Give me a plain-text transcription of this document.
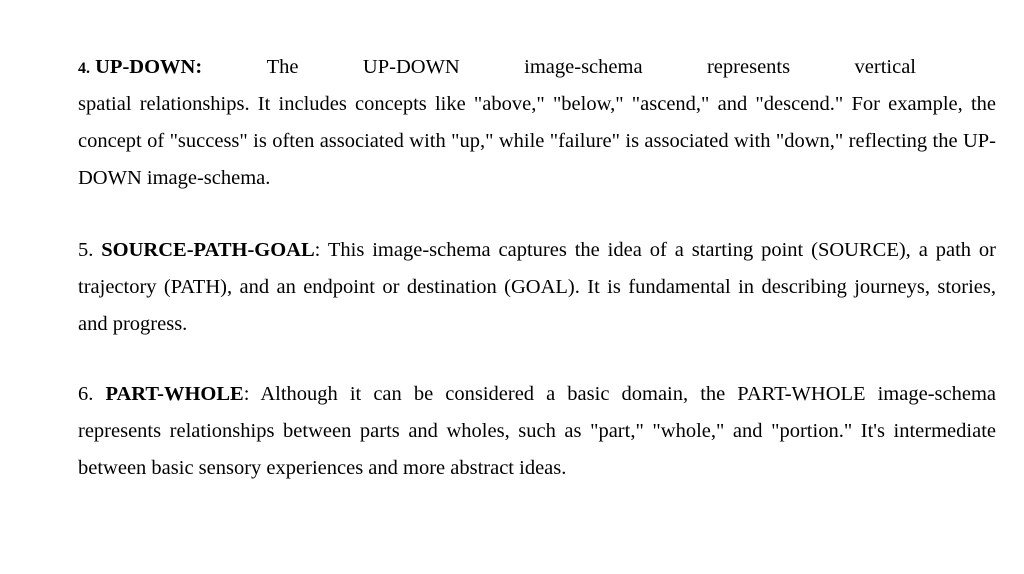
4. UP-DOWN:	The	UP-DOWN	image-schema	represents	vertical
spatial relationships. It includes concepts like "above," "below," "ascend," and "descend." For example, the concept of "success" is often associated with "up," while "failure" is associated with "down," reflecting the UP-DOWN image-schema.
5. SOURCE-PATH-GOAL: This image-schema captures the idea of a starting point (SOURCE), a path or trajectory (PATH), and an endpoint or destination (GOAL). It is fundamental in describing journeys, stories, and progress.
6. PART-WHOLE: Although it can be considered a basic domain, the PART-WHOLE image-schema represents relationships between parts and wholes, such as "part," "whole," and "portion." It's intermediate between basic sensory experiences and more abstract ideas.
